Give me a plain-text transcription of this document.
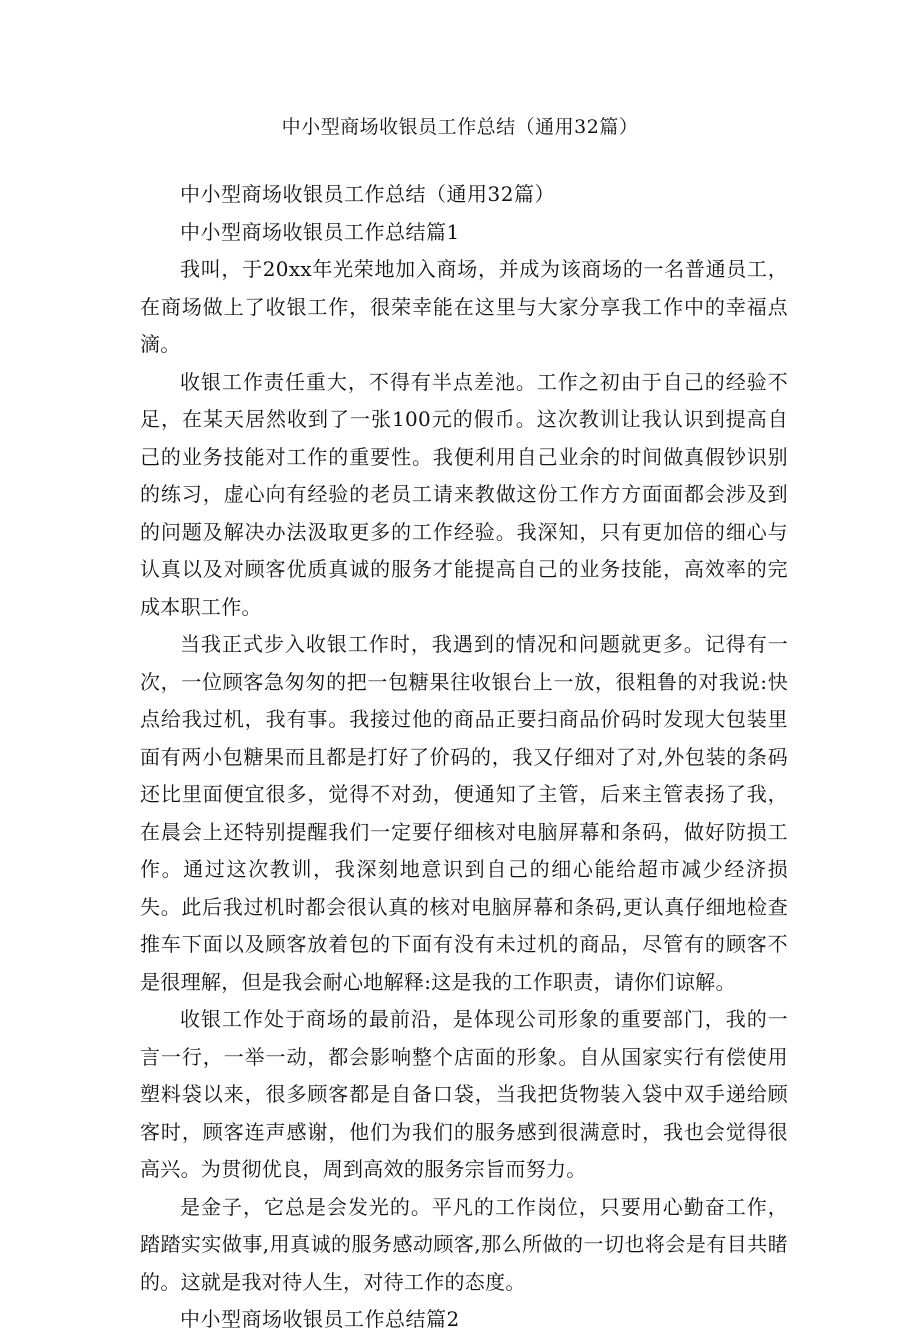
中小型商场收银员工作总结（通用32篇）

中小型商场收银员工作总结（通用32篇）

中小型商场收银员工作总结篇1

我叫，于20xx年光荣地加入商场，并成为该商场的一名普通员工，在商场做上了收银工作，很荣幸能在这里与大家分享我工作中的幸福点滴。

收银工作责任重大，不得有半点差池。工作之初由于自己的经验不足，在某天居然收到了一张100元的假币。这次教训让我认识到提高自己的业务技能对工作的重要性。我便利用自己业余的时间做真假钞识别的练习，虚心向有经验的老员工请来教做这份工作方方面面都会涉及到的问题及解决办法汲取更多的工作经验。我深知，只有更加倍的细心与认真以及对顾客优质真诚的服务才能提高自己的业务技能，高效率的完成本职工作。

当我正式步入收银工作时，我遇到的情况和问题就更多。记得有一次，一位顾客急匆匆的把一包糖果往收银台上一放，很粗鲁的对我说:快点给我过机，我有事。我接过他的商品正要扫商品价码时发现大包装里面有两小包糖果而且都是打好了价码的，我又仔细对了对,外包装的条码还比里面便宜很多，觉得不对劲，便通知了主管，后来主管表扬了我，在晨会上还特别提醒我们一定要仔细核对电脑屏幕和条码，做好防损工作。通过这次教训，我深刻地意识到自己的细心能给超市减少经济损失。此后我过机时都会很认真的核对电脑屏幕和条码,更认真仔细地检查推车下面以及顾客放着包的下面有没有未过机的商品，尽管有的顾客不是很理解，但是我会耐心地解释:这是我的工作职责，请你们谅解。

收银工作处于商场的最前沿，是体现公司形象的重要部门，我的一言一行，一举一动，都会影响整个店面的形象。自从国家实行有偿使用塑料袋以来，很多顾客都是自备口袋，当我把货物装入袋中双手递给顾客时，顾客连声感谢，他们为我们的服务感到很满意时，我也会觉得很高兴。为贯彻优良，周到高效的服务宗旨而努力。

是金子，它总是会发光的。平凡的工作岗位，只要用心勤奋工作，踏踏实实做事,用真诚的服务感动顾客,那么所做的一切也将会是有目共睹的。这就是我对待人生，对待工作的态度。

中小型商场收银员工作总结篇2
